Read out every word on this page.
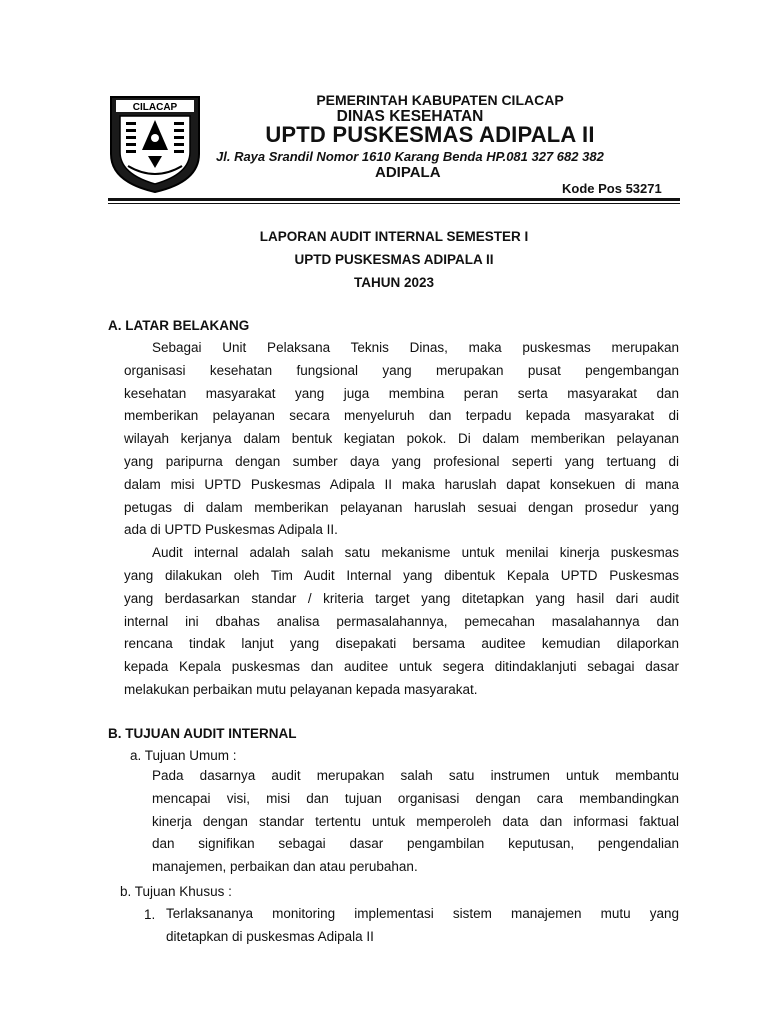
CILACAP	PEMERINTAH KABUPATEN CILACAP
DINAS KESEHATAN
UPTD PUSKESMAS ADIPALA II
Jl. Raya Srandil Nomor 1610 Karang Benda HP.081 327 682 382
ADIPALA
Kode Pos 53271
LAPORAN AUDIT INTERNAL SEMESTER I
UPTD PUSKESMAS ADIPALA II
TAHUN 2023
A. LATAR BELAKANG
Sebagai Unit Pelaksana Teknis Dinas, maka puskesmas merupakan
organisasi kesehatan fungsional yang merupakan pusat pengembangan
kesehatan masyarakat yang juga membina peran serta masyarakat dan
memberikan pelayanan secara menyeluruh dan terpadu kepada masyarakat di
wilayah kerjanya dalam bentuk kegiatan pokok. Di dalam memberikan pelayanan
yang paripurna dengan sumber daya yang profesional seperti yang tertuang di
dalam misi UPTD Puskesmas Adipala II maka haruslah dapat konsekuen di mana
petugas di dalam memberikan pelayanan haruslah sesuai dengan prosedur yang
ada di UPTD Puskesmas Adipala II.
Audit internal adalah salah satu mekanisme untuk menilai kinerja puskesmas
yang dilakukan oleh Tim Audit Internal yang dibentuk Kepala UPTD Puskesmas
yang berdasarkan standar / kriteria target yang ditetapkan yang hasil dari audit
internal ini dbahas analisa permasalahannya, pemecahan masalahannya dan
rencana tindak lanjut yang disepakati bersama auditee kemudian dilaporkan
kepada Kepala puskesmas dan auditee untuk segera ditindaklanjuti sebagai dasar
melakukan perbaikan mutu pelayanan kepada masyarakat.
B. TUJUAN AUDIT INTERNAL
a. Tujuan Umum :
Pada dasarnya audit merupakan salah satu instrumen untuk membantu
mencapai visi, misi dan tujuan organisasi dengan cara membandingkan
kinerja dengan standar tertentu untuk memperoleh data dan informasi faktual
dan signifikan sebagai dasar pengambilan keputusan, pengendalian
manajemen, perbaikan dan atau perubahan.
b. Tujuan Khusus :
1. Terlaksananya monitoring implementasi sistem manajemen mutu yang
ditetapkan di puskesmas Adipala II
